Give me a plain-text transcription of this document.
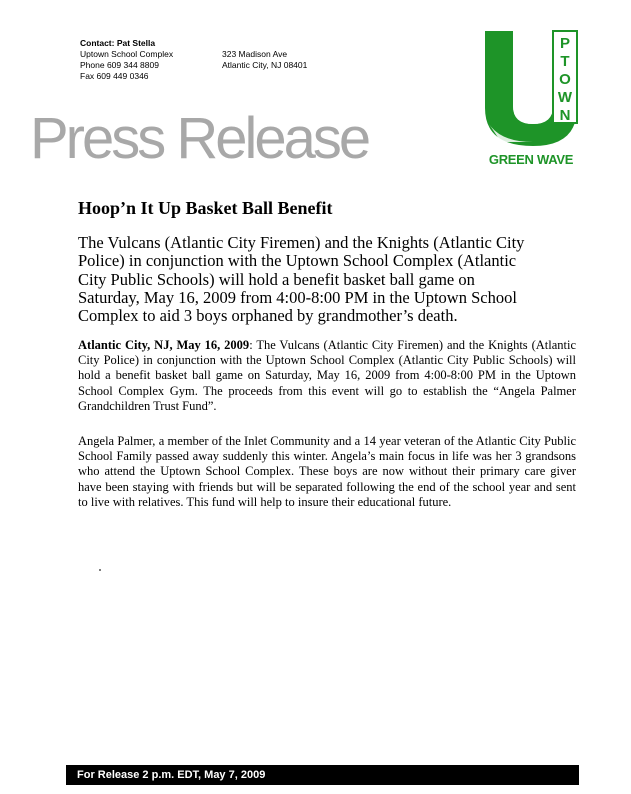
Contact: Pat Stella
Uptown School Complex
Phone 609 344 8809
Fax 609 449 0346
323 Madison Ave
Atlantic City, NJ 08401
P
T
O
W
N
GREEN WAVE
Press Release
Hoop’n It Up Basket Ball Benefit
The Vulcans (Atlantic City Firemen) and the Knights (Atlantic City Police) in conjunction with the Uptown School Complex (Atlantic City Public Schools) will hold a benefit basket ball game on Saturday, May 16, 2009 from 4:00-8:00 PM in the Uptown School Complex to aid 3 boys orphaned by grandmother’s death.

Atlantic City, NJ, May 16, 2009: The Vulcans (Atlantic City Firemen) and the Knights (Atlantic City Police) in conjunction with the Uptown School Complex (Atlantic City Public Schools) will hold a benefit basket ball game on Saturday, May 16, 2009 from 4:00-8:00 PM in the Uptown School Complex Gym. The proceeds from this event will go to establish the “Angela Palmer Grandchildren Trust Fund”.

Angela Palmer, a member of the Inlet Community and a 14 year veteran of the Atlantic City Public School Family passed away suddenly this winter. Angela’s main focus in life was her 3 grandsons who attend the Uptown School Complex. These boys are now without their primary care giver have been staying with friends but will be separated following the end of the school year and sent to live with relatives. This fund will help to insure their educational future.

For Release 2 p.m. EDT, May 7, 2009
